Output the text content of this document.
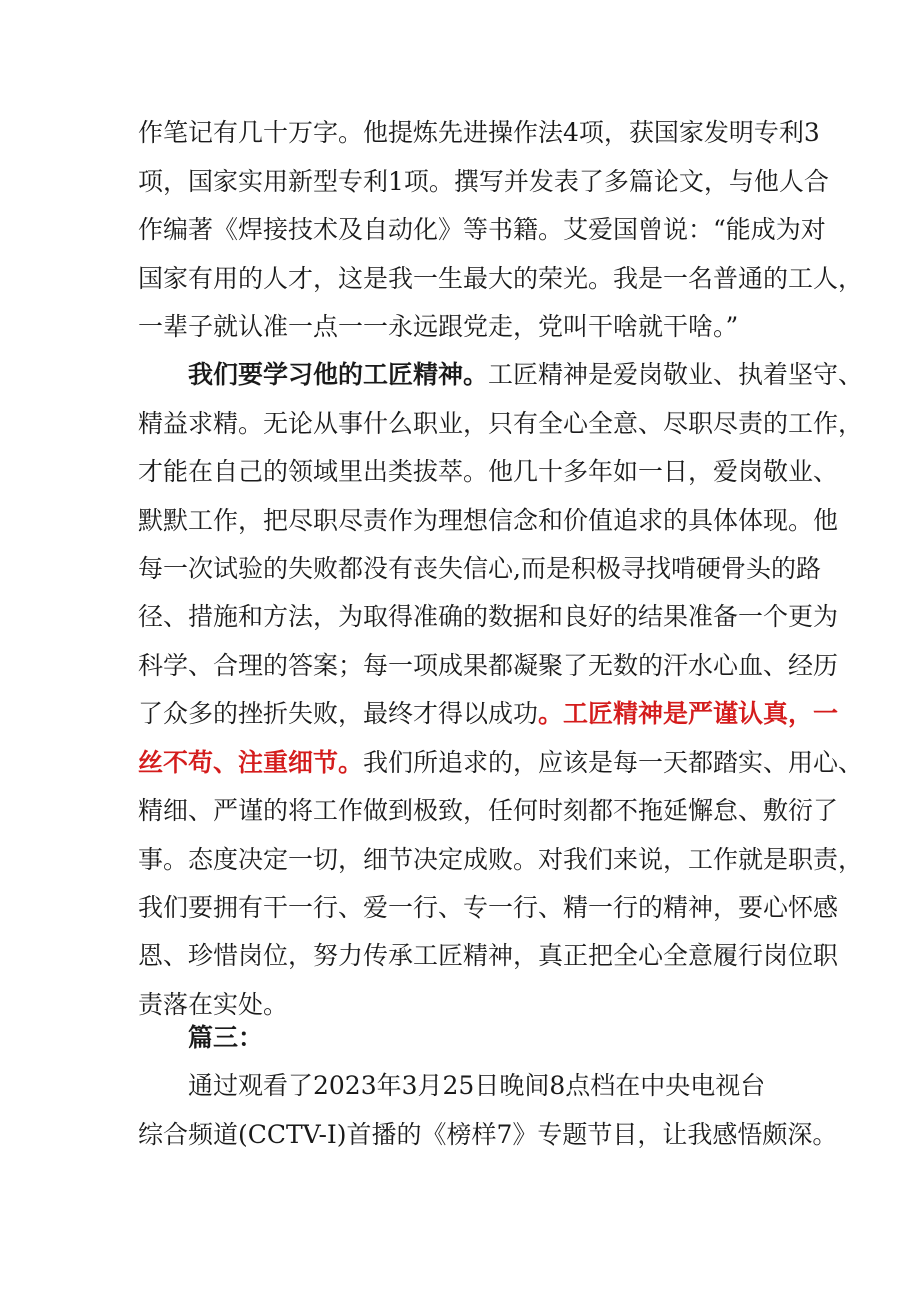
作笔记有几十万字。他提炼先进操作法4项，获国家发明专利3
项，国家实用新型专利1项。撰写并发表了多篇论文，与他人合
作编著《焊接技术及自动化》等书籍。艾爱国曾说：“能成为对
国家有用的人才，这是我一生最大的荣光。我是一名普通的工人，
一辈子就认准一点一一永远跟党走，党叫干啥就干啥。”
我们要学习他的工匠精神。工匠精神是爱岗敬业、执着坚守、
精益求精。无论从事什么职业，只有全心全意、尽职尽责的工作，
才能在自己的领域里出类拔萃。他几十多年如一日，爱岗敬业、
默默工作，把尽职尽责作为理想信念和价值追求的具体体现。他
每一次试验的失败都没有丧失信心,而是积极寻找啃硬骨头的路
径、措施和方法，为取得准确的数据和良好的结果准备一个更为
科学、合理的答案；每一项成果都凝聚了无数的汗水心血、经历
了众多的挫折失败，最终才得以成功。工匠精神是严谨认真，一
丝不苟、注重细节。我们所追求的，应该是每一天都踏实、用心、
精细、严谨的将工作做到极致，任何时刻都不拖延懈怠、敷衍了
事。态度决定一切，细节决定成败。对我们来说，工作就是职责，
我们要拥有干一行、爱一行、专一行、精一行的精神，要心怀感
恩、珍惜岗位，努力传承工匠精神，真正把全心全意履行岗位职
责落在实处。
篇三：
通过观看了2023年3月25日晚间8点档在中央电视台
综合频道(CCTV-I)首播的《榜样7》专题节目，让我感悟颇深。
